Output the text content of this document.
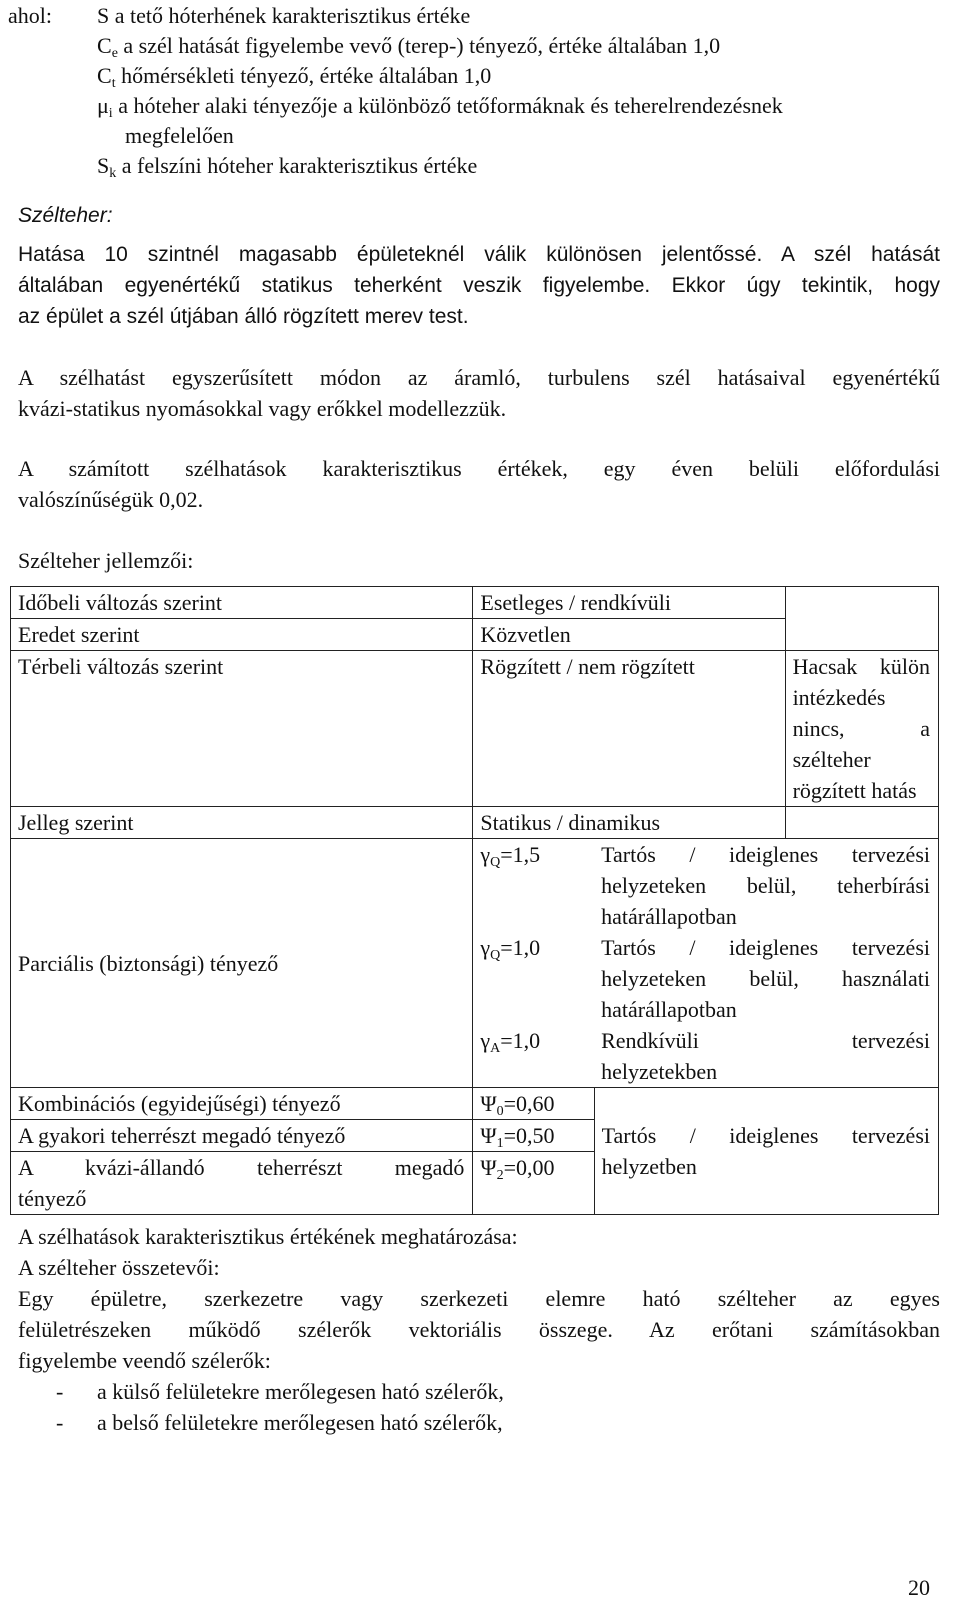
ahol:	S a tető hóterhének karakterisztikus értéke
$C_e$ a szél hatását figyelembe vevő (terep-) tényező, értéke általában 1,0
$C_t$ hőmérsékleti tényező, értéke általában 1,0
$\mu_i$ a hóteher alaki tényezője a különböző tetőformáknak és teherelrendezésnek
megfelelően
$S_k$ a felszíni hóteher karakterisztikus értéke

Szélteher:

Hatása 10 szintnél magasabb épületeknél válik különösen jelentőssé. A szél hatását

általában egyenértékű statikus teherként veszik figyelembe. Ekkor úgy tekintik, hogy

az épület a szél útjában álló rögzített merev test.

A szélhatást egyszerűsített módon az áramló, turbulens szél hatásaival egyenértékű

kvázi-statikus nyomásokkal vagy erőkkel modellezzük.

A számított szélhatások karakterisztikus értékek, egy éven belüli előfordulási

valószínűségük 0,02.

Szélteher jellemzői:

Időbeli változás szerint	Esetleges / rendkívüli		
Eredet szerint	Közvetlen		
Térbeli változás szerint	Rögzített / nem rögzített		Hacsak külön
intézkedés
nincs, a
szélteher
rögzített hatás

Jelleg szerint	Statikus / dinamikus		
Parciális (biztonsági) tényező	$\gamma_Q=1,5$	Tartós / ideiglenes tervezési
helyzeteken belül, teherbírási
határállapotban	

	$\gamma_Q=1,0$	Tartós / ideiglenes tervezési
helyzeteken belül, használati
határállapotban	

	$\gamma_A=1,0$	Rendkívüli tervezési
helyzetekben	

Kombinációs (egyidejűségi) tényező	$\Psi_0=0,60$		
A gyakori teherrészt megadó tényező	$\Psi_1=0,50$	Tartós / ideiglenes tervezési
helyzetben	

A kvázi-állandó teherrészt megadó
tényező	$\Psi_2=0,00$		

A szélhatások karakterisztikus értékének meghatározása:

A szélteher összetevői:

Egy épületre, szerkezetre vagy szerkezeti elemre ható szélteher az egyes

felületrészeken működő szélerők vektoriális összege. Az erőtani számításokban

figyelembe veendő szélerők:

-	a külső felületekre merőlegesen ható szélerők,
-	a belső felületekre merőlegesen ható szélerők,
20
